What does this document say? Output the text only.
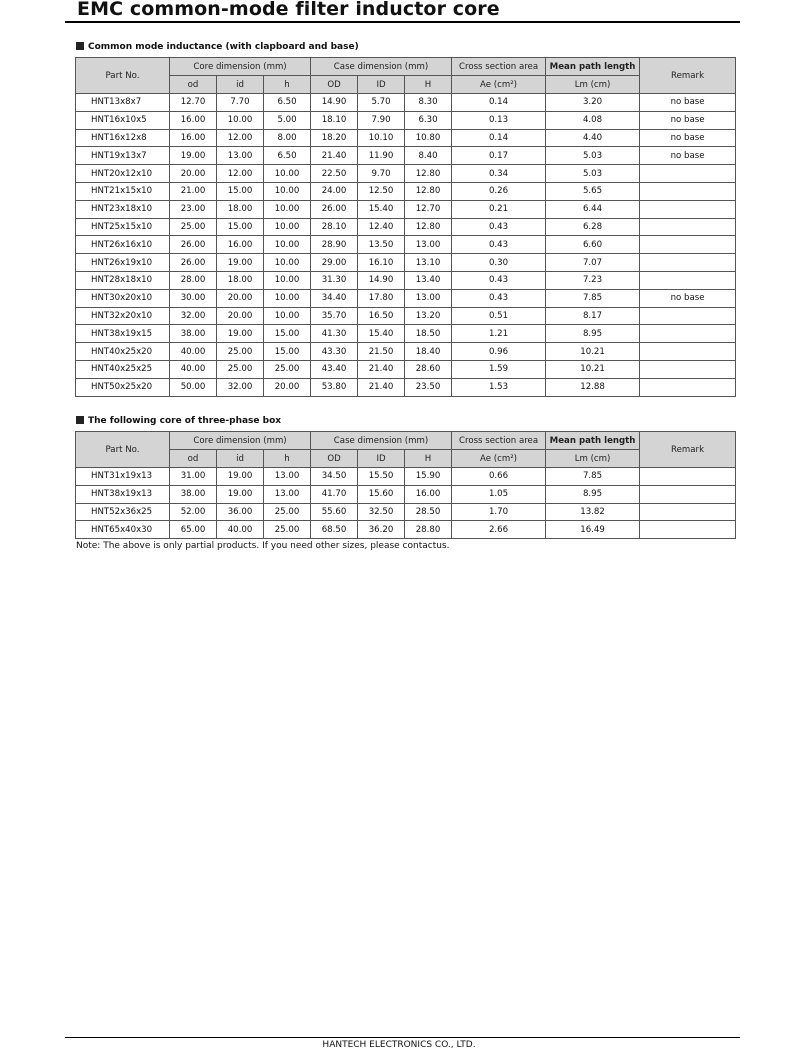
EMC common-mode filter inductor core
Common mode inductance (with clapboard and base)
Part No.	Core dimension (mm)			Case dimension (mm)			Cross section area	Mean path length	Remark
	od	id	h	OD	ID	H	Ae (cm²)	Lm (cm)	
HNT13x8x7	12.70	7.70	6.50	14.90	5.70	8.30	0.14	3.20	no base
HNT16x10x5	16.00	10.00	5.00	18.10	7.90	6.30	0.13	4.08	no base
HNT16x12x8	16.00	12.00	8.00	18.20	10.10	10.80	0.14	4.40	no base
HNT19x13x7	19.00	13.00	6.50	21.40	11.90	8.40	0.17	5.03	no base
HNT20x12x10	20.00	12.00	10.00	22.50	9.70	12.80	0.34	5.03	
HNT21x15x10	21.00	15.00	10.00	24.00	12.50	12.80	0.26	5.65	
HNT23x18x10	23.00	18.00	10.00	26.00	15.40	12.70	0.21	6.44	
HNT25x15x10	25.00	15.00	10.00	28.10	12.40	12.80	0.43	6.28	
HNT26x16x10	26.00	16.00	10.00	28.90	13.50	13.00	0.43	6.60	
HNT26x19x10	26.00	19.00	10.00	29.00	16.10	13.10	0.30	7.07	
HNT28x18x10	28.00	18.00	10.00	31.30	14.90	13.40	0.43	7.23	
HNT30x20x10	30.00	20.00	10.00	34.40	17.80	13.00	0.43	7.85	no base
HNT32x20x10	32.00	20.00	10.00	35.70	16.50	13.20	0.51	8.17	
HNT38x19x15	38.00	19.00	15.00	41.30	15.40	18.50	1.21	8.95	
HNT40x25x20	40.00	25.00	15.00	43.30	21.50	18.40	0.96	10.21	
HNT40x25x25	40.00	25.00	25.00	43.40	21.40	28.60	1.59	10.21	
HNT50x25x20	50.00	32.00	20.00	53.80	21.40	23.50	1.53	12.88	
The following core of three-phase box
Part No.	Core dimension (mm)			Case dimension (mm)			Cross section area	Mean path length	Remark
	od	id	h	OD	ID	H	Ae (cm²)	Lm (cm)	
HNT31x19x13	31.00	19.00	13.00	34.50	15.50	15.90	0.66	7.85	
HNT38x19x13	38.00	19.00	13.00	41.70	15.60	16.00	1.05	8.95	
HNT52x36x25	52.00	36.00	25.00	55.60	32.50	28.50	1.70	13.82	
HNT65x40x30	65.00	40.00	25.00	68.50	36.20	28.80	2.66	16.49	
Note: The above is only partial products. If you need other sizes, please contactus.
HANTECH ELECTRONICS CO., LTD.
